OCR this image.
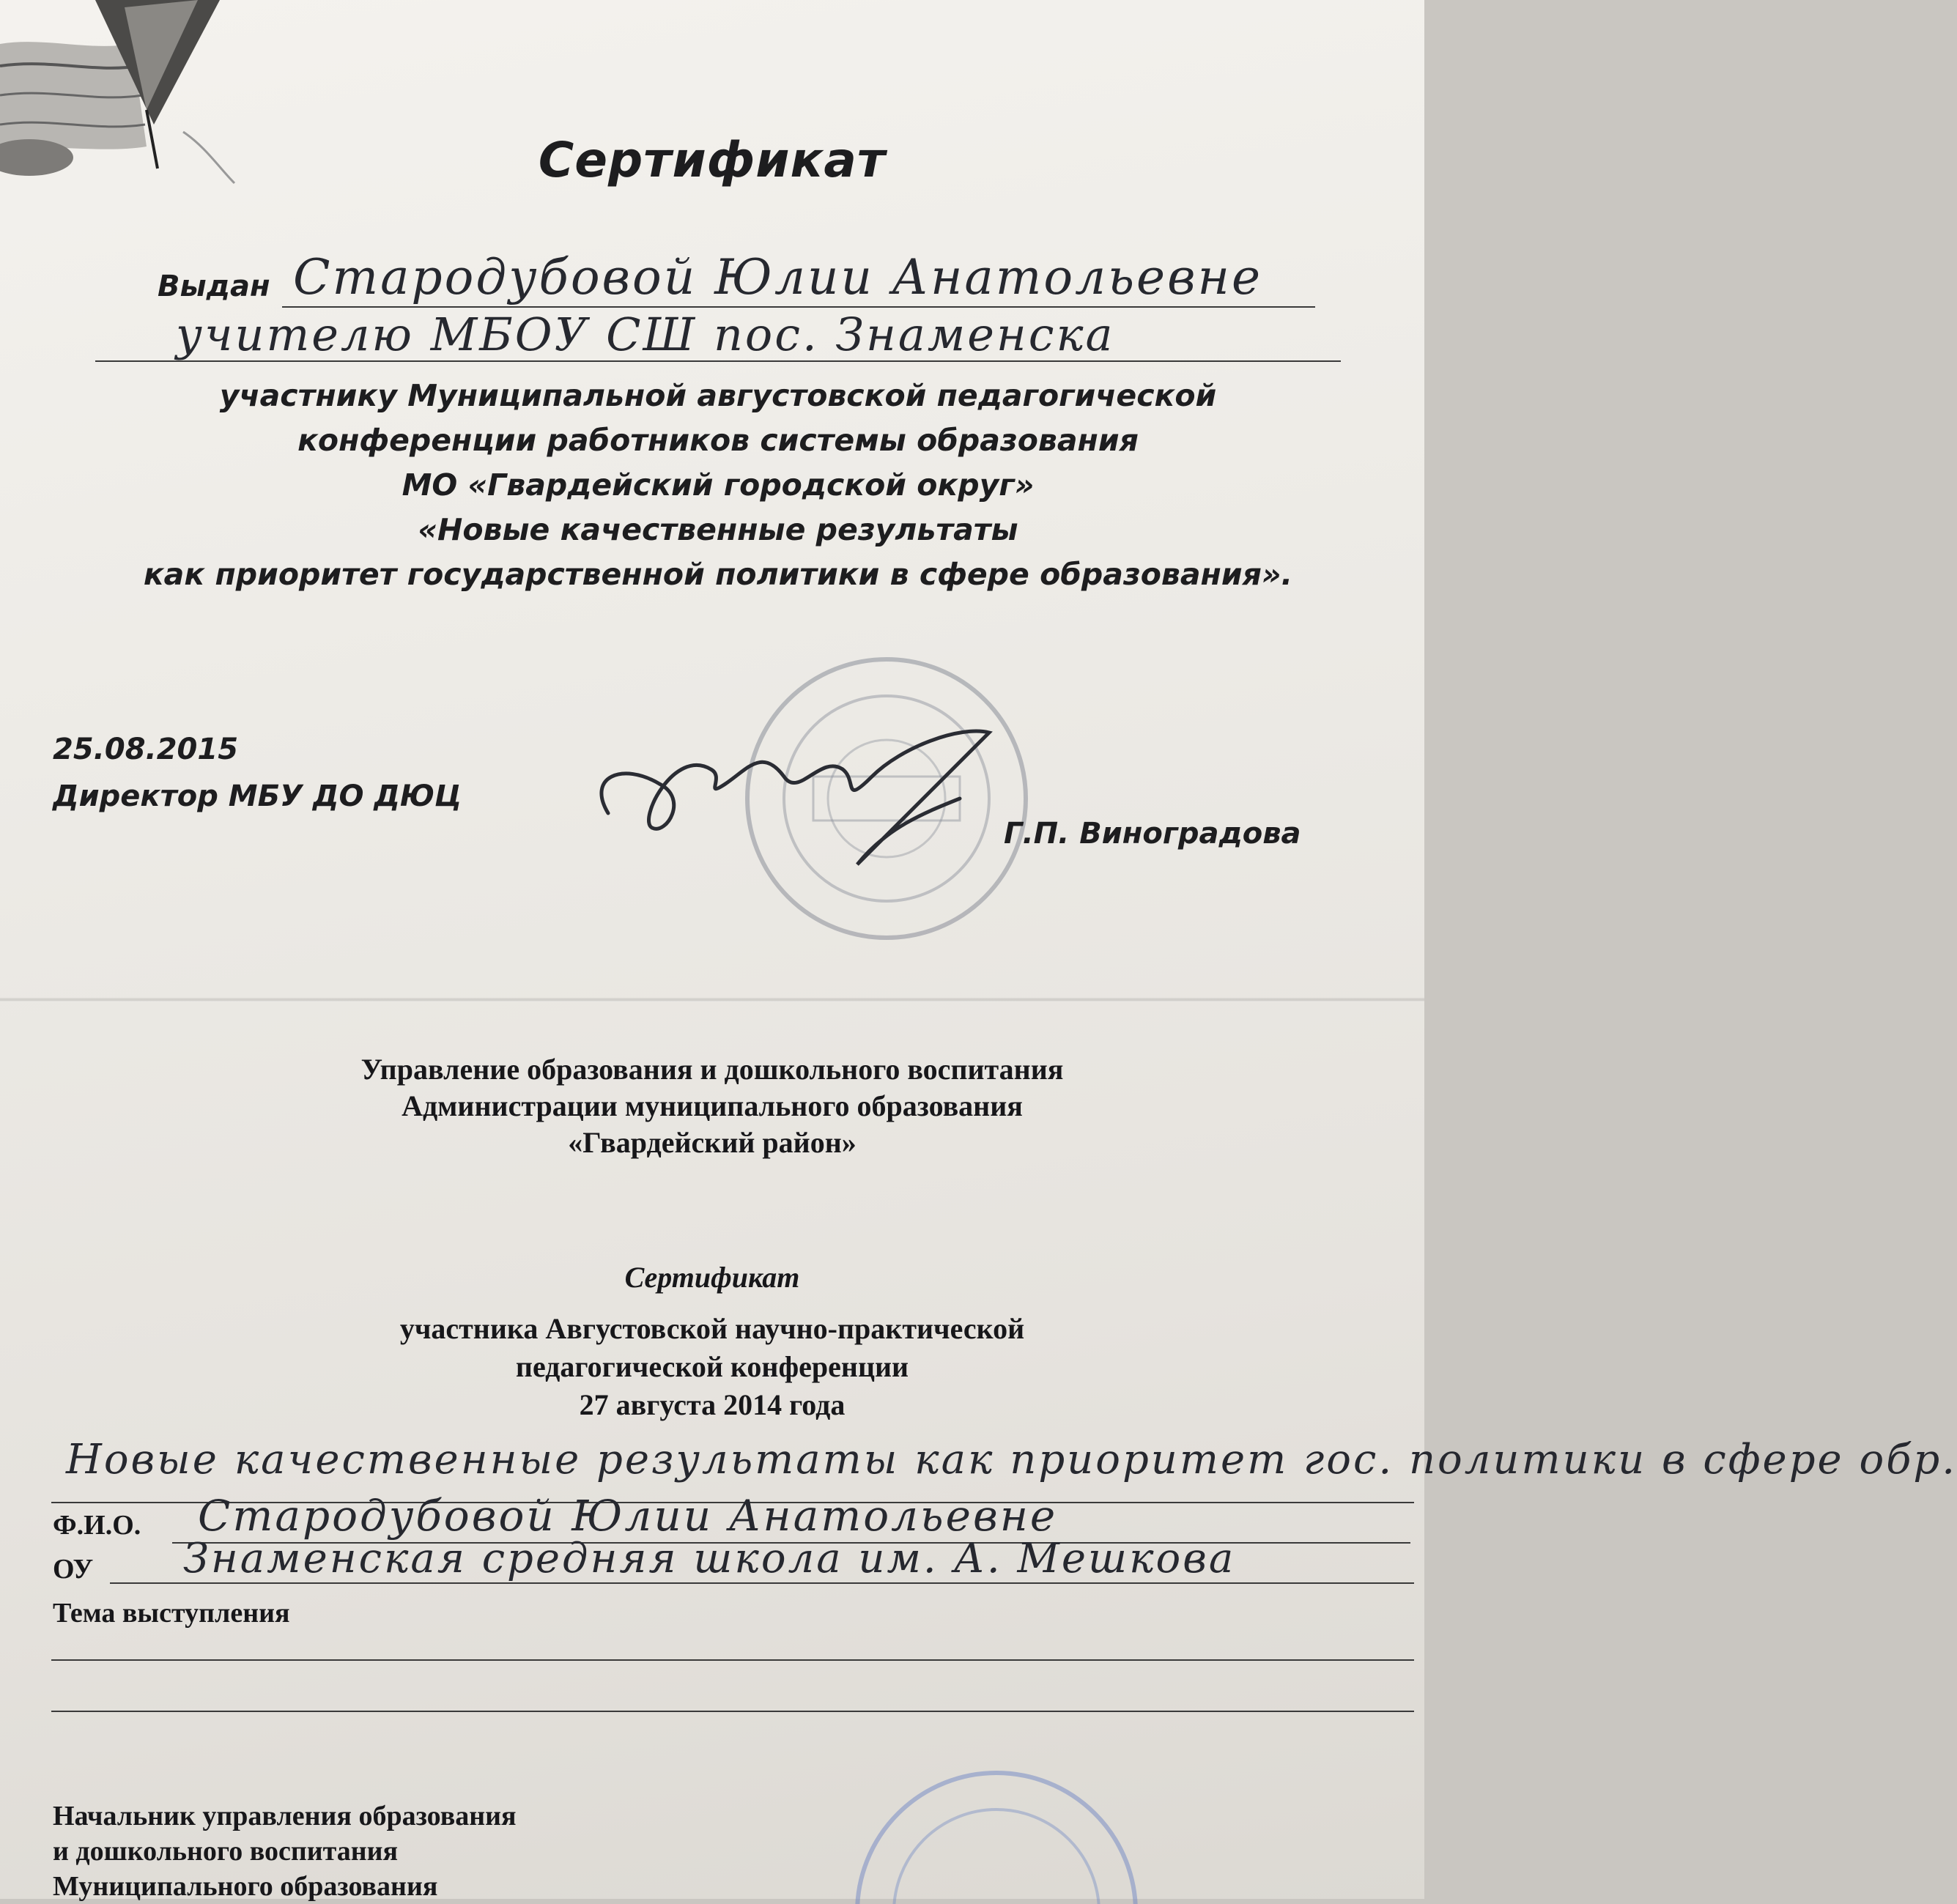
Сертификат
Выдан Стародубовой Юлии Анатольевне
учителю МБОУ СШ пос. Знаменска
участнику Муниципальной августовской педагогической
конференции работников системы образования
МО «Гвардейский городской округ»
«Новые качественные результаты
как приоритет государственной политики в сфере образования».
25.08.2015
Директор МБУ ДО ДЮЦ
Г.П. Виноградова
Управление образования и дошкольного воспитания
Администрации муниципального образования
«Гвардейский район»
Сертификат
участника Августовской научно-практической
педагогической конференции
27 августа 2014 года
Новые качественные результаты как приоритет гос. политики в сфере обр.
Ф.И.О. Стародубовой Юлии Анатольевне
ОУ Знаменская средняя школа им. А. Мешкова
Тема выступления
Начальник управления образования
и дошкольного воспитания
Муниципального образования
